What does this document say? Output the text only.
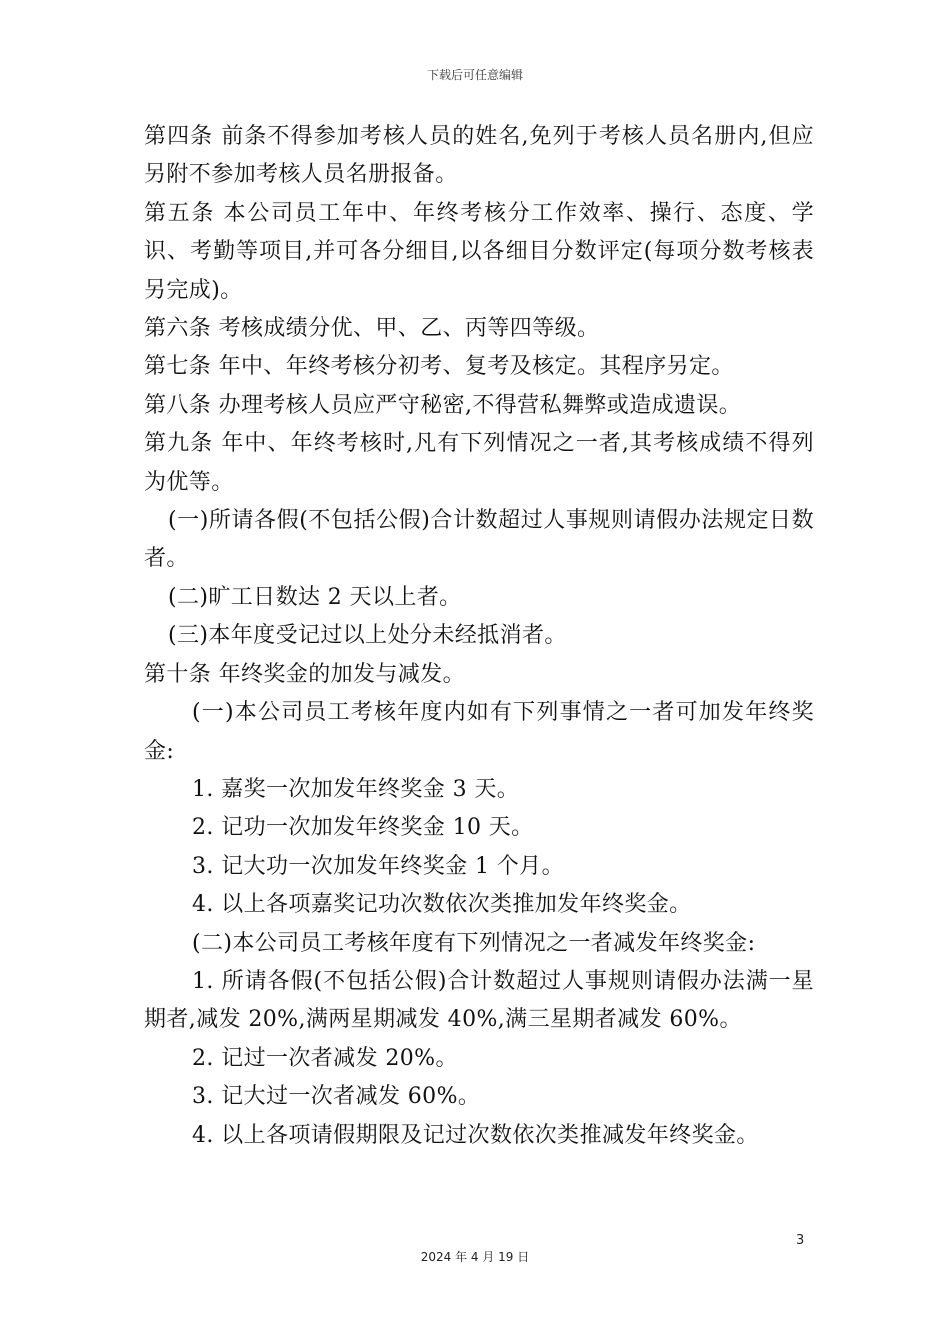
下载后可任意编辑

第四条 前条不得参加考核人员的姓名,免列于考核人员名册内,但应另附不参加考核人员名册报备。

第五条 本公司员工年中、年终考核分工作效率、操行、态度、学识、考勤等项目,并可各分细目,以各细目分数评定(每项分数考核表另完成)。

第六条 考核成绩分优、甲、乙、丙等四等级。

第七条 年中、年终考核分初考、复考及核定。其程序另定。

第八条 办理考核人员应严守秘密,不得营私舞弊或造成遗误。

第九条 年中、年终考核时,凡有下列情况之一者,其考核成绩不得列为优等。

(一)所请各假(不包括公假)合计数超过人事规则请假办法规定日数者。

(二)旷工日数达 2 天以上者。

(三)本年度受记过以上处分未经抵消者。

第十条 年终奖金的加发与减发。

(一)本公司员工考核年度内如有下列事情之一者可加发年终奖金:

1. 嘉奖一次加发年终奖金 3 天。

2. 记功一次加发年终奖金 10 天。

3. 记大功一次加发年终奖金 1 个月。

4. 以上各项嘉奖记功次数依次类推加发年终奖金。

(二)本公司员工考核年度有下列情况之一者减发年终奖金:

1. 所请各假(不包括公假)合计数超过人事规则请假办法满一星期者,减发 20%,满两星期减发 40%,满三星期者减发 60%。

2. 记过一次者减发 20%。

3. 记大过一次者减发 60%。

4. 以上各项请假期限及记过次数依次类推减发年终奖金。

3
2024 年 4 月 19 日
